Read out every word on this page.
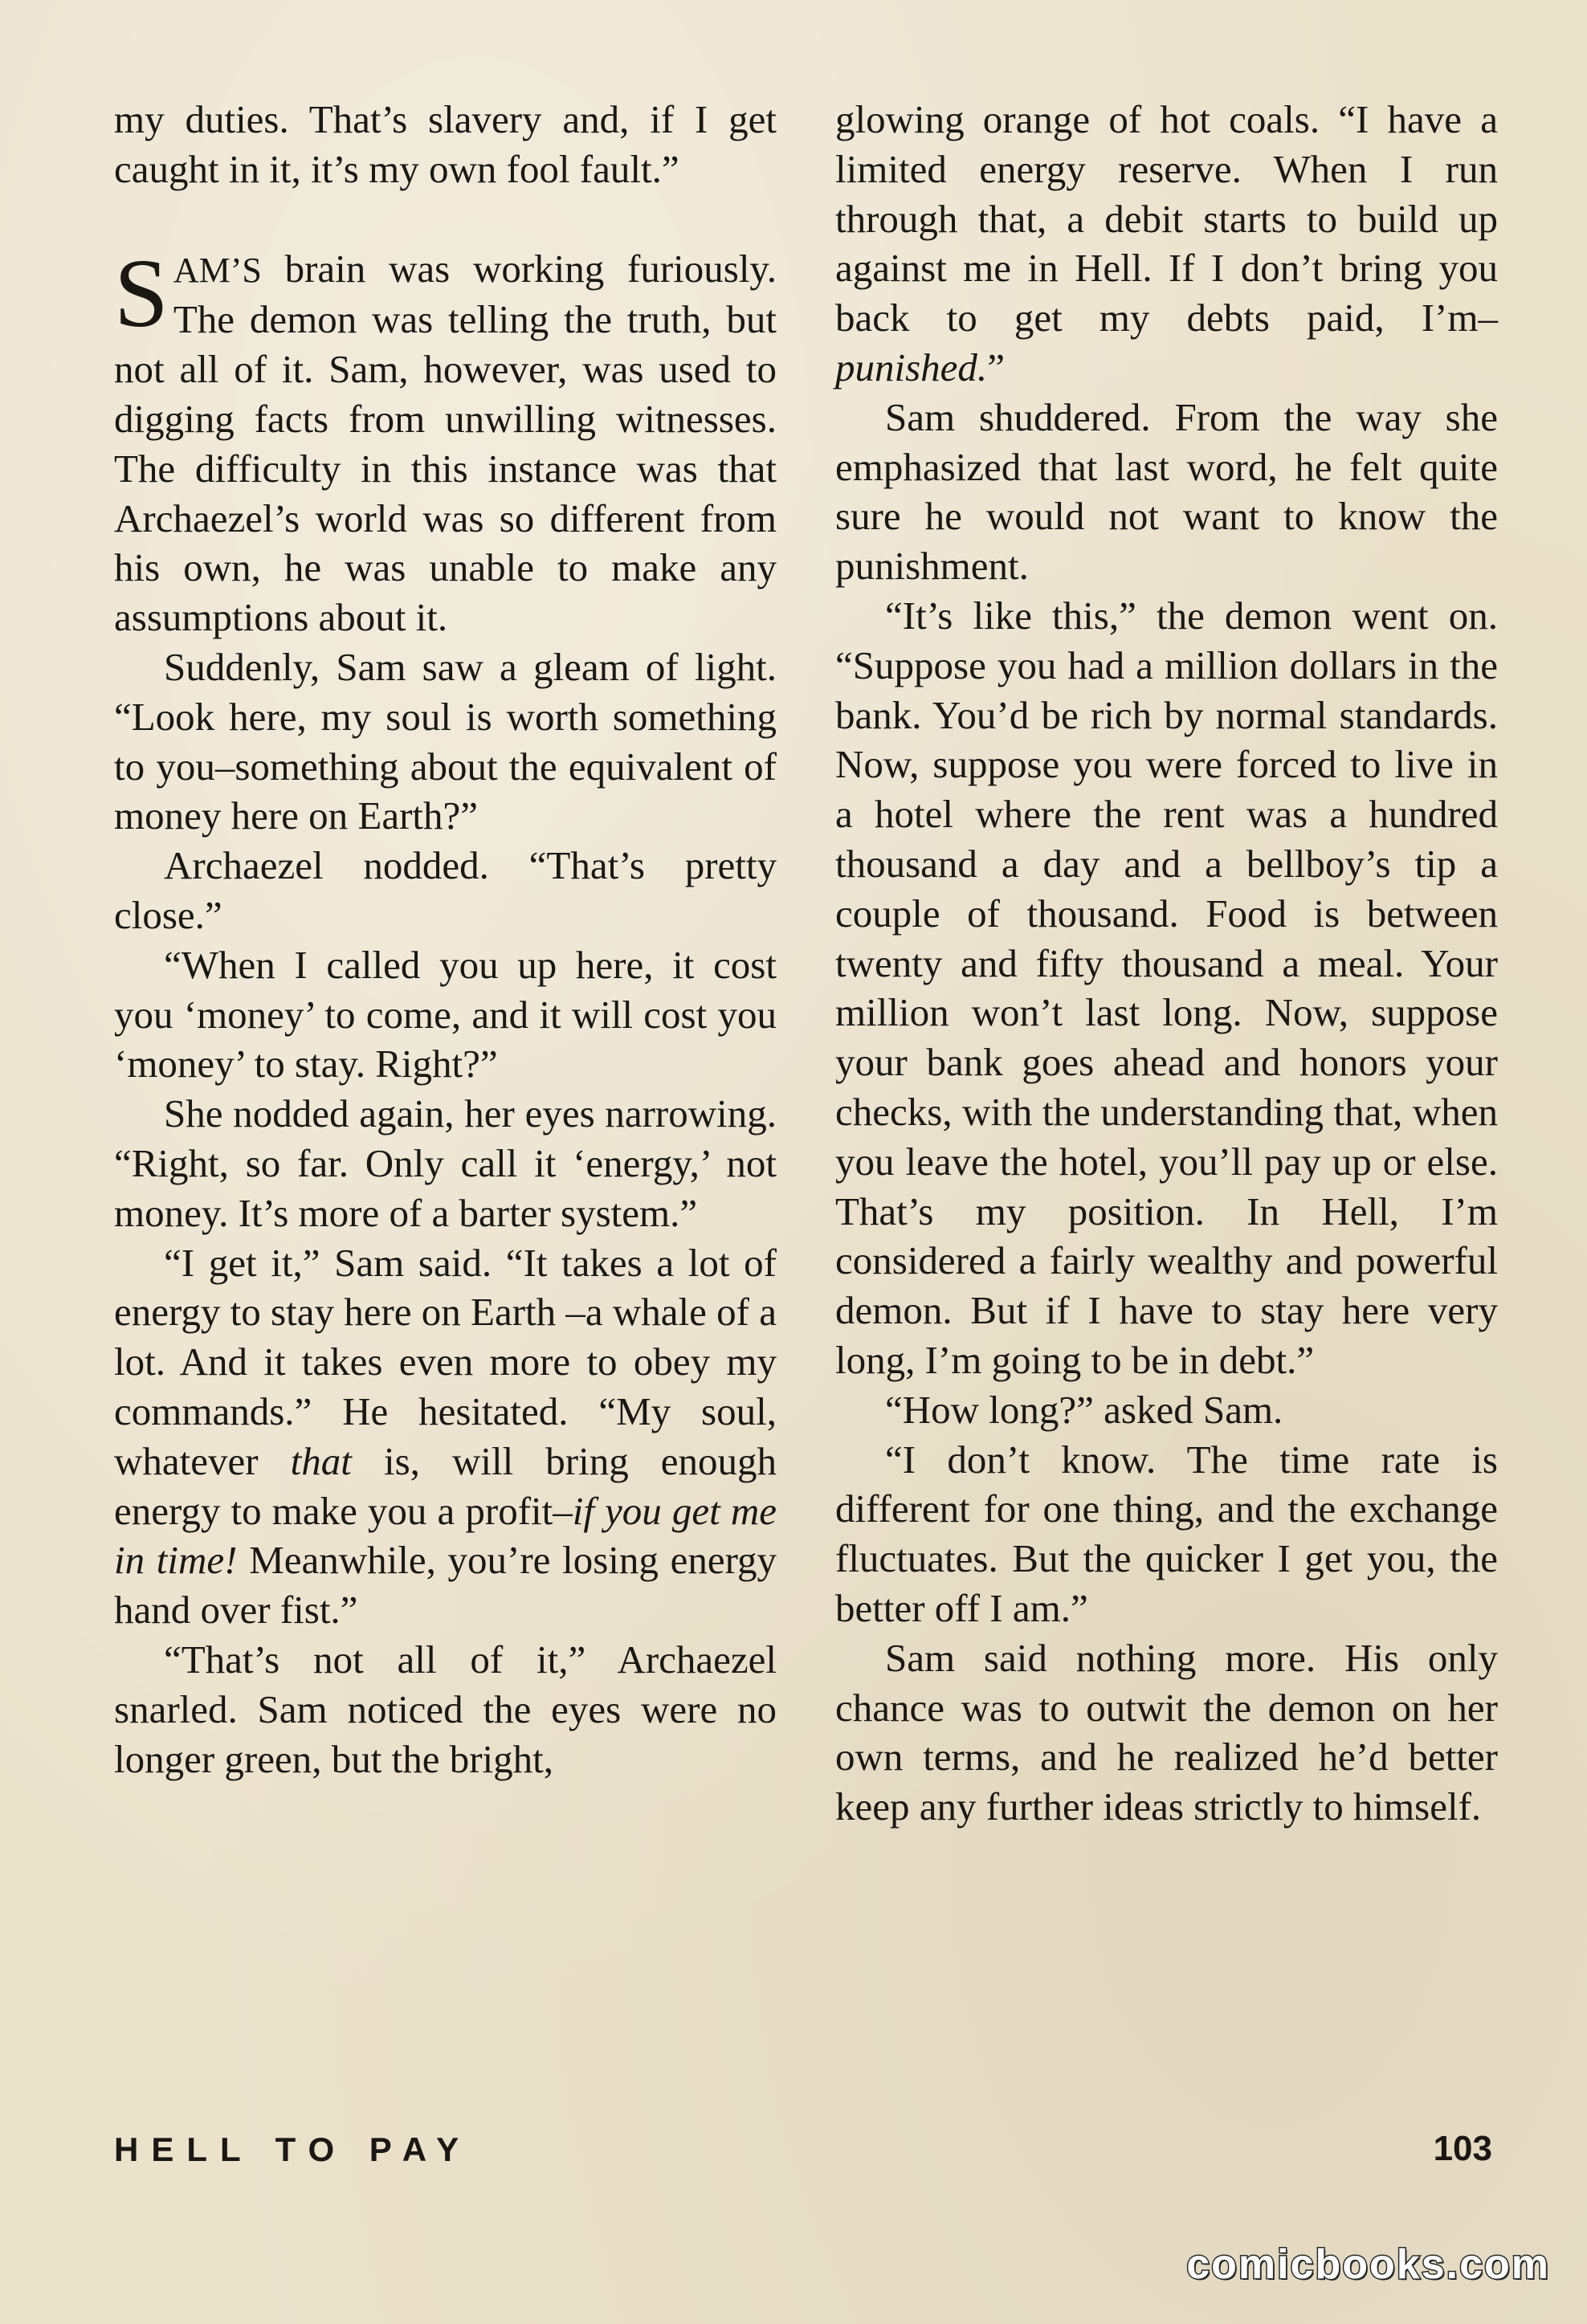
my duties. That’s slavery and, if I get caught in it, it’s my own fool fault.”

SAM’S brain was working furiously. The demon was telling the truth, but not all of it. Sam, however, was used to digging facts from unwilling witnesses. The difficulty in this instance was that Archaezel’s world was so different from his own, he was unable to make any assumptions about it.

Suddenly, Sam saw a gleam of light. “Look here, my soul is worth something to you–something about the equivalent of money here on Earth?”

Archaezel nodded. “That’s pretty close.”

“When I called you up here, it cost you ‘money’ to come, and it will cost you ‘money’ to stay. Right?”

She nodded again, her eyes narrowing. “Right, so far. Only call it ‘energy,’ not money. It’s more of a barter system.”

“I get it,” Sam said. “It takes a lot of energy to stay here on Earth –a whale of a lot. And it takes even more to obey my commands.” He hesitated. “My soul, whatever that is, will bring enough energy to make you a profit–if you get me in time! Meanwhile, you’re losing energy hand over fist.”

“That’s not all of it,” Archaezel snarled. Sam noticed the eyes were no longer green, but the bright,

glowing orange of hot coals. “I have a limited energy reserve. When I run through that, a debit starts to build up against me in Hell. If I don’t bring you back to get my debts paid, I’m–punished.”

Sam shuddered. From the way she emphasized that last word, he felt quite sure he would not want to know the punishment.

“It’s like this,” the demon went on. “Suppose you had a million dollars in the bank. You’d be rich by normal standards. Now, suppose you were forced to live in a hotel where the rent was a hundred thousand a day and a bellboy’s tip a couple of thousand. Food is between twenty and fifty thousand a meal. Your million won’t last long. Now, suppose your bank goes ahead and honors your checks, with the understanding that, when you leave the hotel, you’ll pay up or else. That’s my position. In Hell, I’m considered a fairly wealthy and powerful demon. But if I have to stay here very long, I’m going to be in debt.”

“How long?” asked Sam.

“I don’t know. The time rate is different for one thing, and the exchange fluctuates. But the quicker I get you, the better off I am.”

Sam said nothing more. His only chance was to outwit the demon on her own terms, and he realized he’d better keep any further ideas strictly to himself.

HELL TO PAY	103
comicbooks.com
